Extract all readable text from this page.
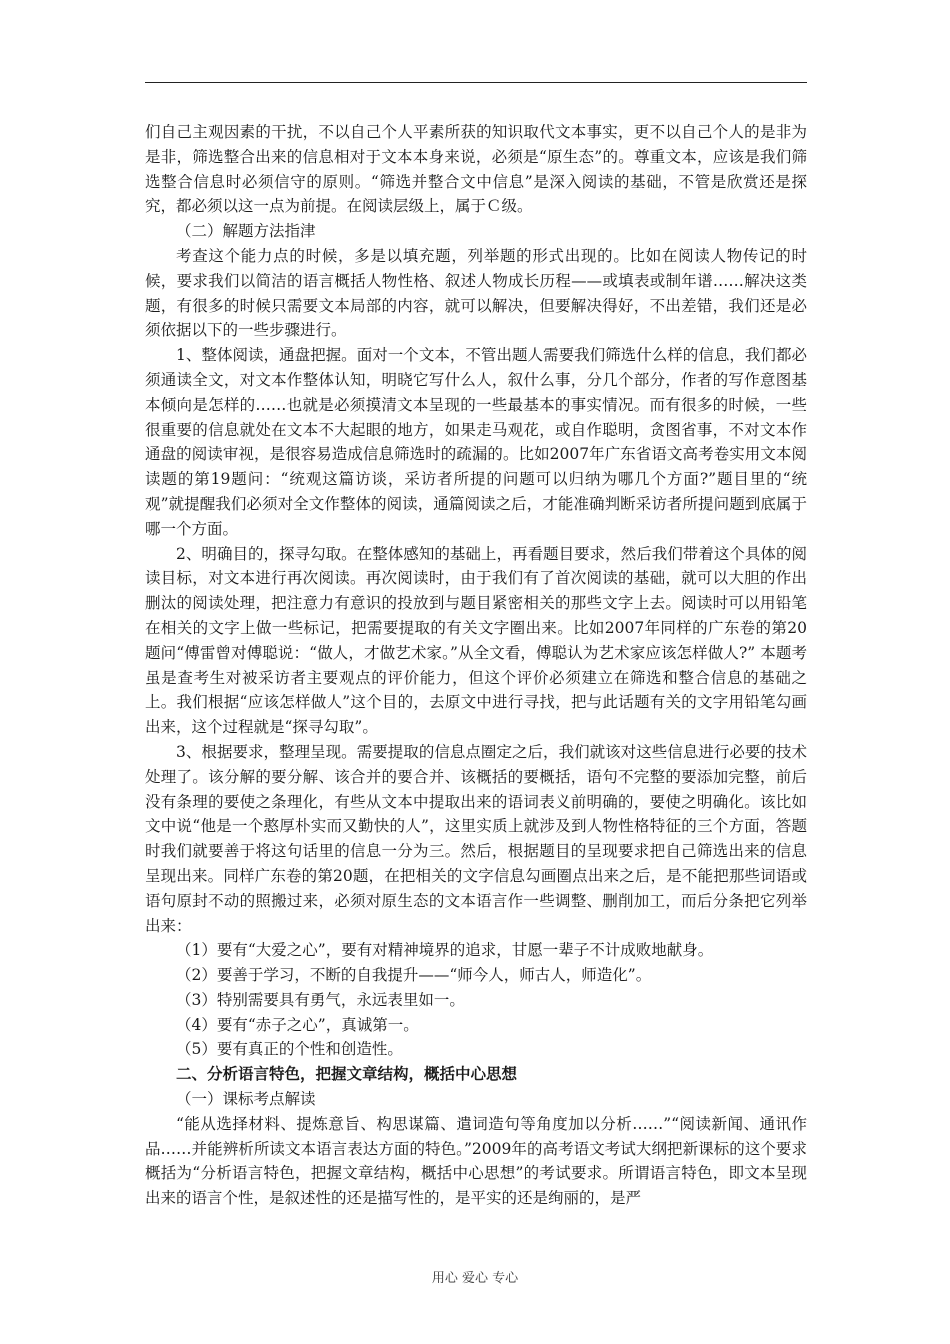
们自己主观因素的干扰，不以自己个人平素所获的知识取代文本事实，更不以自己个人的是非为是非，筛选整合出来的信息相对于文本本身来说，必须是“原生态”的。尊重文本，应该是我们筛选整合信息时必须信守的原则。“筛选并整合文中信息”是深入阅读的基础，不管是欣赏还是探究，都必须以这一点为前提。在阅读层级上，属于Ｃ级。

（二）解题方法指津

考查这个能力点的时候，多是以填充题，列举题的形式出现的。比如在阅读人物传记的时候，要求我们以简洁的语言概括人物性格、叙述人物成长历程——或填表或制年谱……解决这类题，有很多的时候只需要文本局部的内容，就可以解决，但要解决得好，不出差错，我们还是必须依据以下的一些步骤进行。

1、整体阅读，通盘把握。面对一个文本，不管出题人需要我们筛选什么样的信息，我们都必须通读全文，对文本作整体认知，明晓它写什么人，叙什么事，分几个部分，作者的写作意图基本倾向是怎样的……也就是必须摸清文本呈现的一些最基本的事实情况。而有很多的时候，一些很重要的信息就处在文本不大起眼的地方，如果走马观花，或自作聪明，贪图省事，不对文本作通盘的阅读审视，是很容易造成信息筛选时的疏漏的。比如2007年广东省语文高考卷实用文本阅读题的第19题问：“统观这篇访谈，采访者所提的问题可以归纳为哪几个方面?”题目里的“统观”就提醒我们必须对全文作整体的阅读，通篇阅读之后，才能准确判断采访者所提问题到底属于哪一个方面。

2、明确目的，探寻勾取。在整体感知的基础上，再看题目要求，然后我们带着这个具体的阅读目标，对文本进行再次阅读。再次阅读时，由于我们有了首次阅读的基础，就可以大胆的作出删汰的阅读处理，把注意力有意识的投放到与题目紧密相关的那些文字上去。阅读时可以用铅笔在相关的文字上做一些标记，把需要提取的有关文字圈出来。比如2007年同样的广东卷的第20题问“傅雷曾对傅聪说：“做人，才做艺术家。”从全文看，傅聪认为艺术家应该怎样做人?” 本题考虽是查考生对被采访者主要观点的评价能力，但这个评价必须建立在筛选和整合信息的基础之上。我们根据“应该怎样做人”这个目的，去原文中进行寻找，把与此话题有关的文字用铅笔勾画出来，这个过程就是“探寻勾取”。

3、根据要求，整理呈现。需要提取的信息点圈定之后，我们就该对这些信息进行必要的技术处理了。该分解的要分解、该合并的要合并、该概括的要概括，语句不完整的要添加完整，前后没有条理的要使之条理化，有些从文本中提取出来的语词表义前明确的，要使之明确化。该比如文中说“他是一个憨厚朴实而又勤快的人”，这里实质上就涉及到人物性格特征的三个方面，答题时我们就要善于将这句话里的信息一分为三。然后，根据题目的呈现要求把自己筛选出来的信息呈现出来。同样广东卷的第20题，在把相关的文字信息勾画圈点出来之后，是不能把那些词语或语句原封不动的照搬过来，必须对原生态的文本语言作一些调整、删削加工，而后分条把它列举出来：

（1）要有“大爱之心”，要有对精神境界的追求，甘愿一辈子不计成败地献身。

（2）要善于学习，不断的自我提升——“师今人，师古人，师造化”。

（3）特别需要具有勇气，永远表里如一。

（4）要有“赤子之心”，真诚第一。

（5）要有真正的个性和创造性。

二、分析语言特色，把握文章结构，概括中心思想

（一）课标考点解读

“能从选择材料、提炼意旨、构思谋篇、遣词造句等角度加以分析……”“阅读新闻、通讯作品……并能辨析所读文本语言表达方面的特色。”2009年的高考语文考试大纲把新课标的这个要求概括为“分析语言特色，把握文章结构，概括中心思想”的考试要求。所谓语言特色，即文本呈现出来的语言个性，是叙述性的还是描写性的，是平实的还是绚丽的，是严

用心 爱心 专心
